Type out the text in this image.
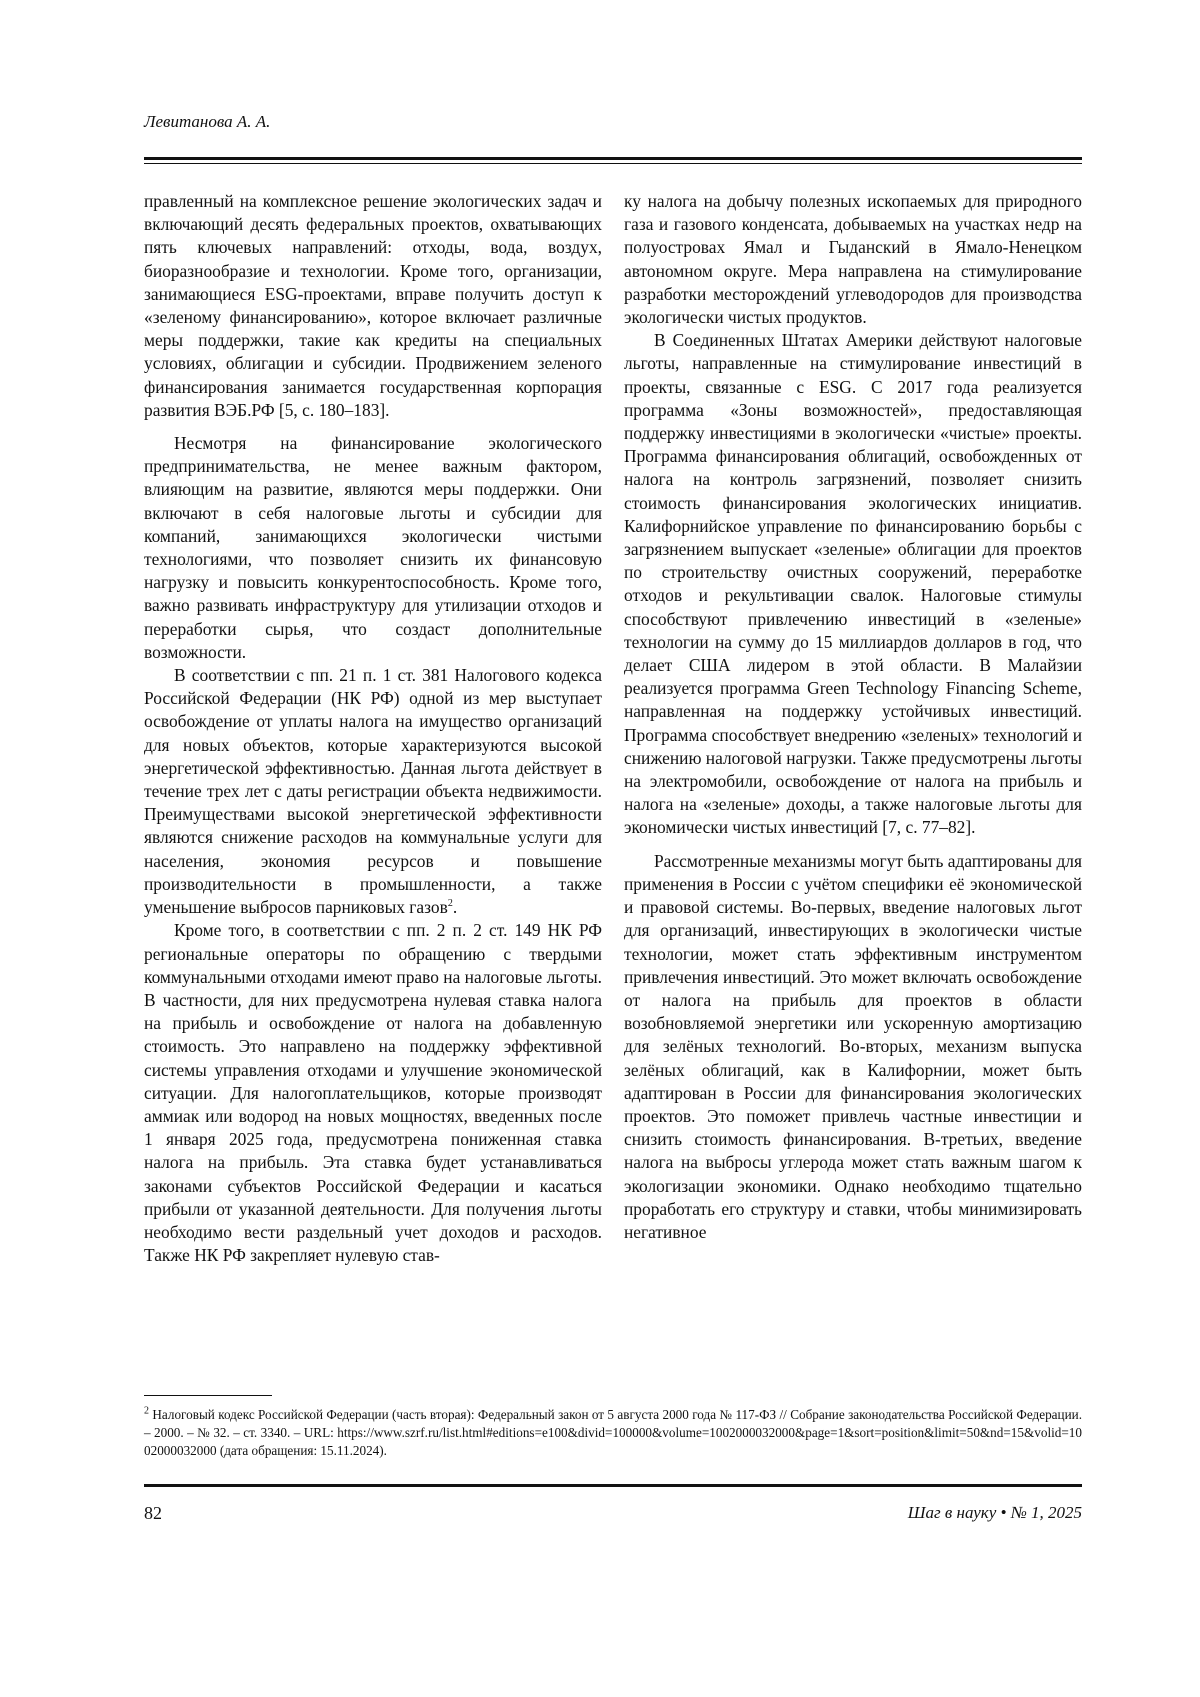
Левитанова А. А.

правленный на комплексное решение экологических задач и включающий десять федеральных проектов, охватывающих пять ключевых направлений: отходы, вода, воздух, биоразнообразие и технологии. Кроме того, организации, занимающиеся ESG-проектами, вправе получить доступ к «зеленому финансированию», которое включает различные меры поддержки, такие как кредиты на специальных условиях, облигации и субсидии. Продвижением зеленого финансирования занимается государственная корпорация развития ВЭБ.РФ [5, с. 180–183].

Несмотря на финансирование экологического предпринимательства, не менее важным фактором, влияющим на развитие, являются меры поддержки. Они включают в себя налоговые льготы и субсидии для компаний, занимающихся экологически чистыми технологиями, что позволяет снизить их финансовую нагрузку и повысить конкурентоспособность. Кроме того, важно развивать инфраструктуру для утилизации отходов и переработки сырья, что создаст дополнительные возможности.

В соответствии с пп. 21 п. 1 ст. 381 Налогового кодекса Российской Федерации (НК РФ) одной из мер выступает освобождение от уплаты налога на имущество организаций для новых объектов, которые характеризуются высокой энергетической эффективностью. Данная льгота действует в течение трех лет с даты регистрации объекта недвижимости. Преимуществами высокой энергетической эффективности являются снижение расходов на коммунальные услуги для населения, экономия ресурсов и повышение производительности в промышленности, а также уменьшение выбросов парниковых газов$^2$.

Кроме того, в соответствии с пп. 2 п. 2 ст. 149 НК РФ региональные операторы по обращению с твердыми коммунальными отходами имеют право на налоговые льготы. В частности, для них предусмотрена нулевая ставка налога на прибыль и освобождение от налога на добавленную стоимость. Это направлено на поддержку эффективной системы управления отходами и улучшение экономической ситуации. Для налогоплательщиков, которые производят аммиак или водород на новых мощностях, введенных после 1 января 2025 года, предусмотрена пониженная ставка налога на прибыль. Эта ставка будет устанавливаться законами субъектов Российской Федерации и касаться прибыли от указанной деятельности. Для получения льготы необходимо вести раздельный учет доходов и расходов. Также НК РФ закрепляет нулевую став-

ку налога на добычу полезных ископаемых для природного газа и газового конденсата, добываемых на участках недр на полуостровах Ямал и Гыданский в Ямало-Ненецком автономном округе. Мера направлена на стимулирование разработки месторождений углеводородов для производства экологически чистых продуктов.

В Соединенных Штатах Америки действуют налоговые льготы, направленные на стимулирование инвестиций в проекты, связанные с ESG. С 2017 года реализуется программа «Зоны возможностей», предоставляющая поддержку инвестициями в экологически «чистые» проекты. Программа финансирования облигаций, освобожденных от налога на контроль загрязнений, позволяет снизить стоимость финансирования экологических инициатив. Калифорнийское управление по финансированию борьбы с загрязнением выпускает «зеленые» облигации для проектов по строительству очистных сооружений, переработке отходов и рекультивации свалок. Налоговые стимулы способствуют привлечению инвестиций в «зеленые» технологии на сумму до 15 миллиардов долларов в год, что делает США лидером в этой области. В Малайзии реализуется программа Green Technology Financing Scheme, направленная на поддержку устойчивых инвестиций. Программа способствует внедрению «зеленых» технологий и снижению налоговой нагрузки. Также предусмотрены льготы на электромобили, освобождение от налога на прибыль и налога на «зеленые» доходы, а также налоговые льготы для экономически чистых инвестиций [7, с. 77–82].

Рассмотренные механизмы могут быть адаптированы для применения в России с учётом специфики её экономической и правовой системы. Во-первых, введение налоговых льгот для организаций, инвестирующих в экологически чистые технологии, может стать эффективным инструментом привлечения инвестиций. Это может включать освобождение от налога на прибыль для проектов в области возобновляемой энергетики или ускоренную амортизацию для зелёных технологий. Во-вторых, механизм выпуска зелёных облигаций, как в Калифорнии, может быть адаптирован в России для финансирования экологических проектов. Это поможет привлечь частные инвестиции и снизить стоимость финансирования. В-третьих, введение налога на выбросы углерода может стать важным шагом к экологизации экономики. Однако необходимо тщательно проработать его структуру и ставки, чтобы минимизировать негативное

$^2$ Налоговый кодекс Российской Федерации (часть вторая): Федеральный закон от 5 августа 2000 года № 117-ФЗ // Собрание законодательства Российской Федерации. – 2000. – № 32. – ст. 3340. – URL: https://www.szrf.ru/list.html#editions=e100&divid=100000&volume=1002000032000&page=1&sort=position&limit=50&nd=15&volid=1002000032000 (дата обращения: 15.11.2024).
82	Шаг в науку • № 1, 2025
